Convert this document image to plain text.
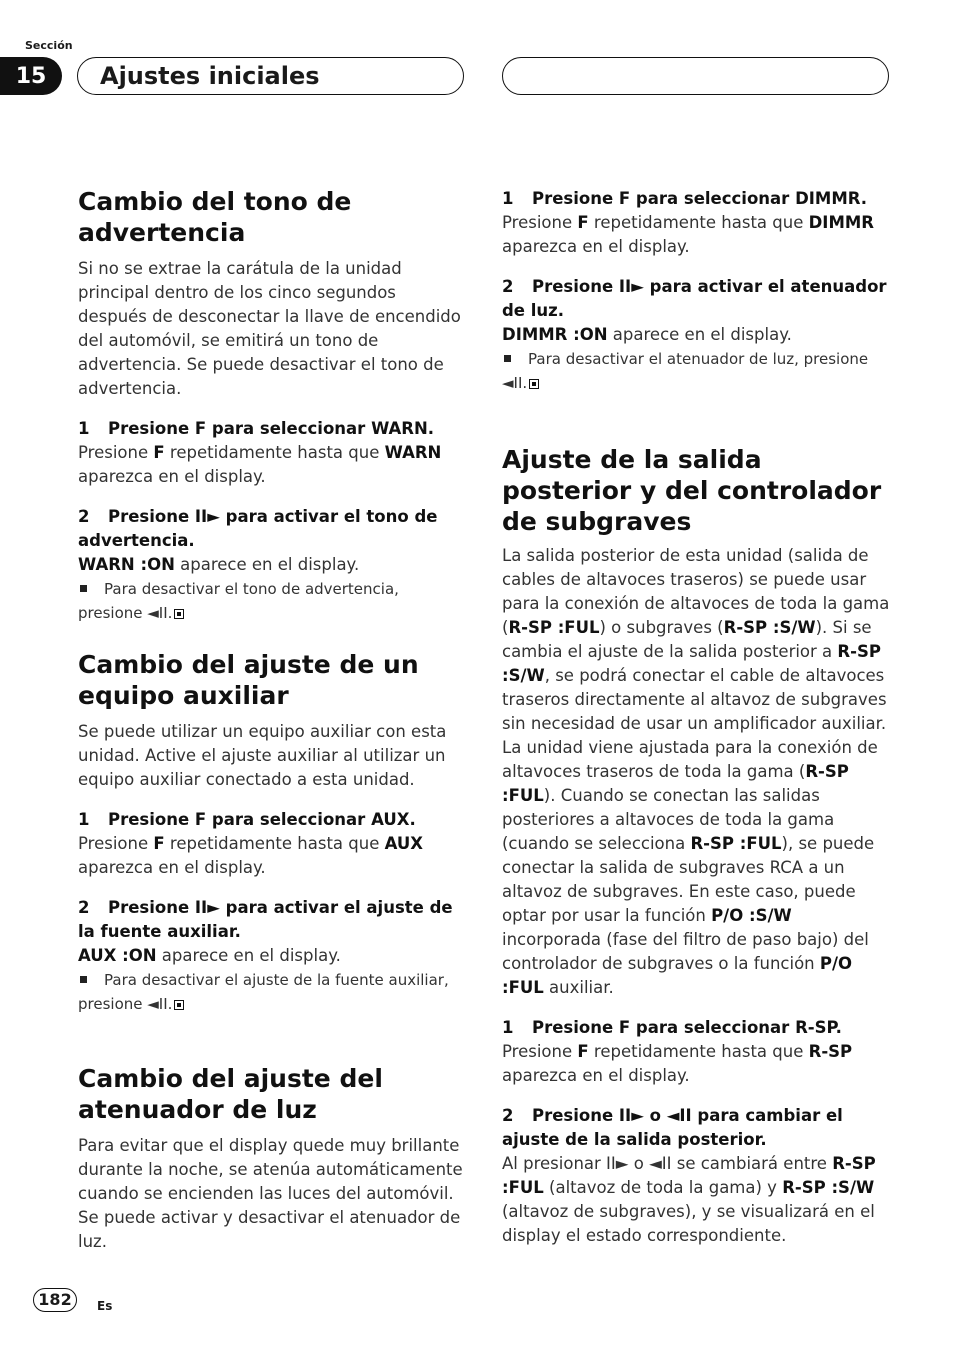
Sección
15	Ajustes iniciales
Cambio del tono de advertencia

Si no se extrae la carátula de la unidad principal dentro de los cinco segundos después de desconectar la llave de encendido del automóvil, se emitirá un tono de advertencia. Se puede desactivar el tono de advertencia.

1 Presione F para seleccionar WARN.

Presione F repetidamente hasta que WARN aparezca en el display.

2 Presione II► para activar el tono de advertencia.

WARN :ON aparece en el display.

Para desactivar el tono de advertencia, presione ◄II.
Cambio del ajuste de un equipo auxiliar

Se puede utilizar un equipo auxiliar con esta unidad. Active el ajuste auxiliar al utilizar un equipo auxiliar conectado a esta unidad.

1 Presione F para seleccionar AUX.

Presione F repetidamente hasta que AUX aparezca en el display.

2 Presione II► para activar el ajuste de la fuente auxiliar.

AUX :ON aparece en el display.

Para desactivar el ajuste de la fuente auxiliar, presione ◄II.
Cambio del ajuste del atenuador de luz

Para evitar que el display quede muy brillante durante la noche, se atenúa automáticamente cuando se encienden las luces del automóvil. Se puede activar y desactivar el atenuador de luz.

1 Presione F para seleccionar DIMMR.

Presione F repetidamente hasta que DIMMR aparezca en el display.

2 Presione II► para activar el atenuador de luz.

DIMMR :ON aparece en el display.

Para desactivar el atenuador de luz, presione ◄II.
Ajuste de la salida posterior y del controlador de subgraves

La salida posterior de esta unidad (salida de cables de altavoces traseros) se puede usar para la conexión de altavoces de toda la gama (R-SP :FUL) o subgraves (R-SP :S/W). Si se cambia el ajuste de la salida posterior a R-SP :S/W, se podrá conectar el cable de altavoces traseros directamente al altavoz de subgraves sin necesidad de usar un amplificador auxiliar.

La unidad viene ajustada para la conexión de altavoces traseros de toda la gama (R-SP :FUL). Cuando se conectan las salidas posteriores a altavoces de toda la gama (cuando se selecciona R-SP :FUL), se puede conectar la salida de subgraves RCA a un altavoz de subgraves. En este caso, puede optar por usar la función P/O :S/W incorporada (fase del filtro de paso bajo) del controlador de subgraves o la función P/O :FUL auxiliar.

1 Presione F para seleccionar R-SP.

Presione F repetidamente hasta que R-SP aparezca en el display.

2 Presione II► o ◄II para cambiar el ajuste de la salida posterior.

Al presionar II► o ◄II se cambiará entre R-SP :FUL (altavoz de toda la gama) y R-SP :S/W (altavoz de subgraves), y se visualizará en el display el estado correspondiente.

182	Es
